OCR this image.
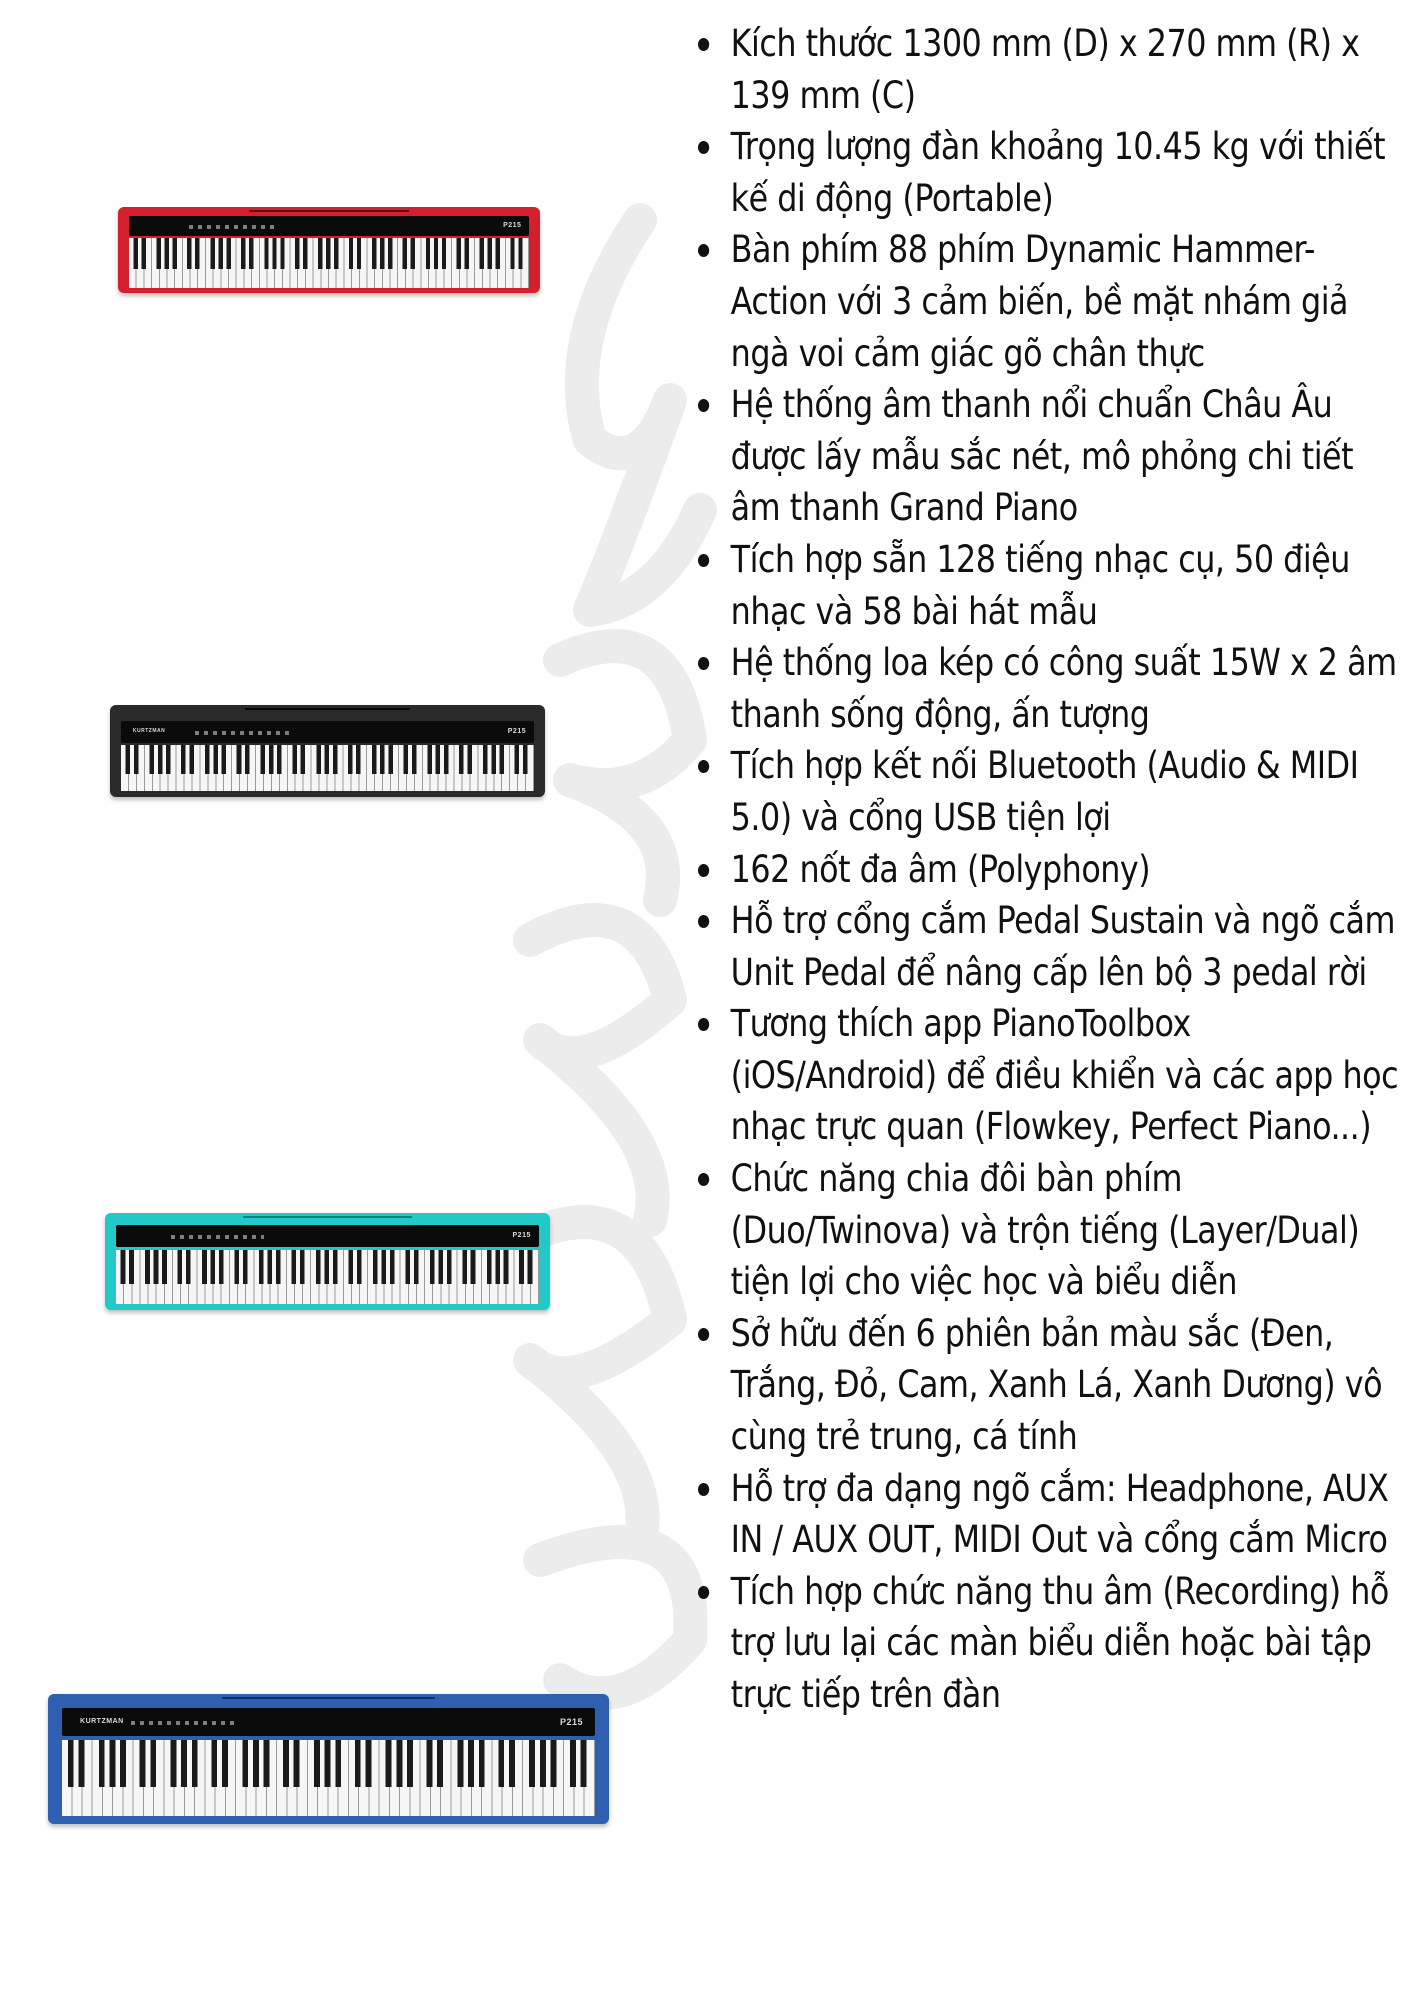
P215
KURTZMAN	P215
P215
KURTZMAN	P215
Kích thước 1300 mm (D) x 270 mm (R) x 139 mm (C)
Trọng lượng đàn khoảng 10.45 kg với thiết kế di động (Portable)
Bàn phím 88 phím Dynamic Hammer-Action với 3 cảm biến, bề mặt nhám giả ngà voi cảm giác gõ chân thực
Hệ thống âm thanh nổi chuẩn Châu Âu được lấy mẫu sắc nét, mô phỏng chi tiết âm thanh Grand Piano
Tích hợp sẵn 128 tiếng nhạc cụ, 50 điệu nhạc và 58 bài hát mẫu
Hệ thống loa kép có công suất 15W x 2 âm thanh sống động, ấn tượng
Tích hợp kết nối Bluetooth (Audio & MIDI 5.0) và cổng USB tiện lợi
162 nốt đa âm (Polyphony)
Hỗ trợ cổng cắm Pedal Sustain và ngõ cắm Unit Pedal để nâng cấp lên bộ 3 pedal rời
Tương thích app PianoToolbox (iOS/Android) để điều khiển và các app học nhạc trực quan (Flowkey, Perfect Piano...)
Chức năng chia đôi bàn phím (Duo/Twinova) và trộn tiếng (Layer/Dual) tiện lợi cho việc học và biểu diễn
Sở hữu đến 6 phiên bản màu sắc (Đen, Trắng, Đỏ, Cam, Xanh Lá, Xanh Dương) vô cùng trẻ trung, cá tính
Hỗ trợ đa dạng ngõ cắm: Headphone, AUX IN / AUX OUT, MIDI Out và cổng cắm Micro
Tích hợp chức năng thu âm (Recording) hỗ trợ lưu lại các màn biểu diễn hoặc bài tập trực tiếp trên đàn
